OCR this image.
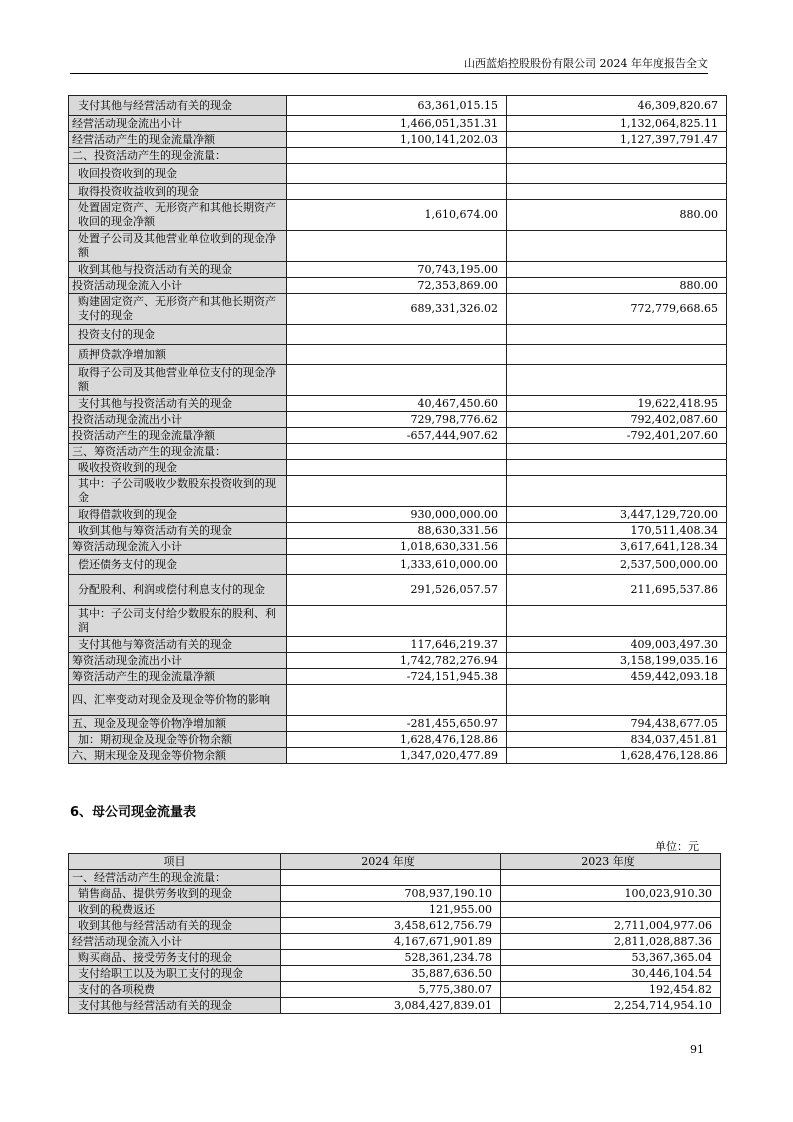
山西蓝焰控股股份有限公司 2024 年年度报告全文
支付其他与经营活动有关的现金	63,361,015.15	46,309,820.67
经营活动现金流出小计	1,466,051,351.31	1,132,064,825.11
经营活动产生的现金流量净额	1,100,141,202.03	1,127,397,791.47
二、投资活动产生的现金流量：		
收回投资收到的现金		
取得投资收益收到的现金		
处置固定资产、无形资产和其他长期资产收回的现金净额	1,610,674.00	880.00
处置子公司及其他营业单位收到的现金净额		
收到其他与投资活动有关的现金	70,743,195.00	
投资活动现金流入小计	72,353,869.00	880.00
购建固定资产、无形资产和其他长期资产支付的现金	689,331,326.02	772,779,668.65
投资支付的现金		
质押贷款净增加额		
取得子公司及其他营业单位支付的现金净额		
支付其他与投资活动有关的现金	40,467,450.60	19,622,418.95
投资活动现金流出小计	729,798,776.62	792,402,087.60
投资活动产生的现金流量净额	-657,444,907.62	-792,401,207.60
三、筹资活动产生的现金流量：		
吸收投资收到的现金		
其中：子公司吸收少数股东投资收到的现金		
取得借款收到的现金	930,000,000.00	3,447,129,720.00
收到其他与筹资活动有关的现金	88,630,331.56	170,511,408.34
筹资活动现金流入小计	1,018,630,331.56	3,617,641,128.34
偿还债务支付的现金	1,333,610,000.00	2,537,500,000.00
分配股利、利润或偿付利息支付的现金	291,526,057.57	211,695,537.86
其中：子公司支付给少数股东的股利、利润		
支付其他与筹资活动有关的现金	117,646,219.37	409,003,497.30
筹资活动现金流出小计	1,742,782,276.94	3,158,199,035.16
筹资活动产生的现金流量净额	-724,151,945.38	459,442,093.18
四、汇率变动对现金及现金等价物的影响		
五、现金及现金等价物净增加额	-281,455,650.97	794,438,677.05
加：期初现金及现金等价物余额	1,628,476,128.86	834,037,451.81
六、期末现金及现金等价物余额	1,347,020,477.89	1,628,476,128.86
6、母公司现金流量表
单位：元
项目	2024 年度	2023 年度
一、经营活动产生的现金流量：		
销售商品、提供劳务收到的现金	708,937,190.10	100,023,910.30
收到的税费返还	121,955.00	
收到其他与经营活动有关的现金	3,458,612,756.79	2,711,004,977.06
经营活动现金流入小计	4,167,671,901.89	2,811,028,887.36
购买商品、接受劳务支付的现金	528,361,234.78	53,367,365.04
支付给职工以及为职工支付的现金	35,887,636.50	30,446,104.54
支付的各项税费	5,775,380.07	192,454.82
支付其他与经营活动有关的现金	3,084,427,839.01	2,254,714,954.10
91
